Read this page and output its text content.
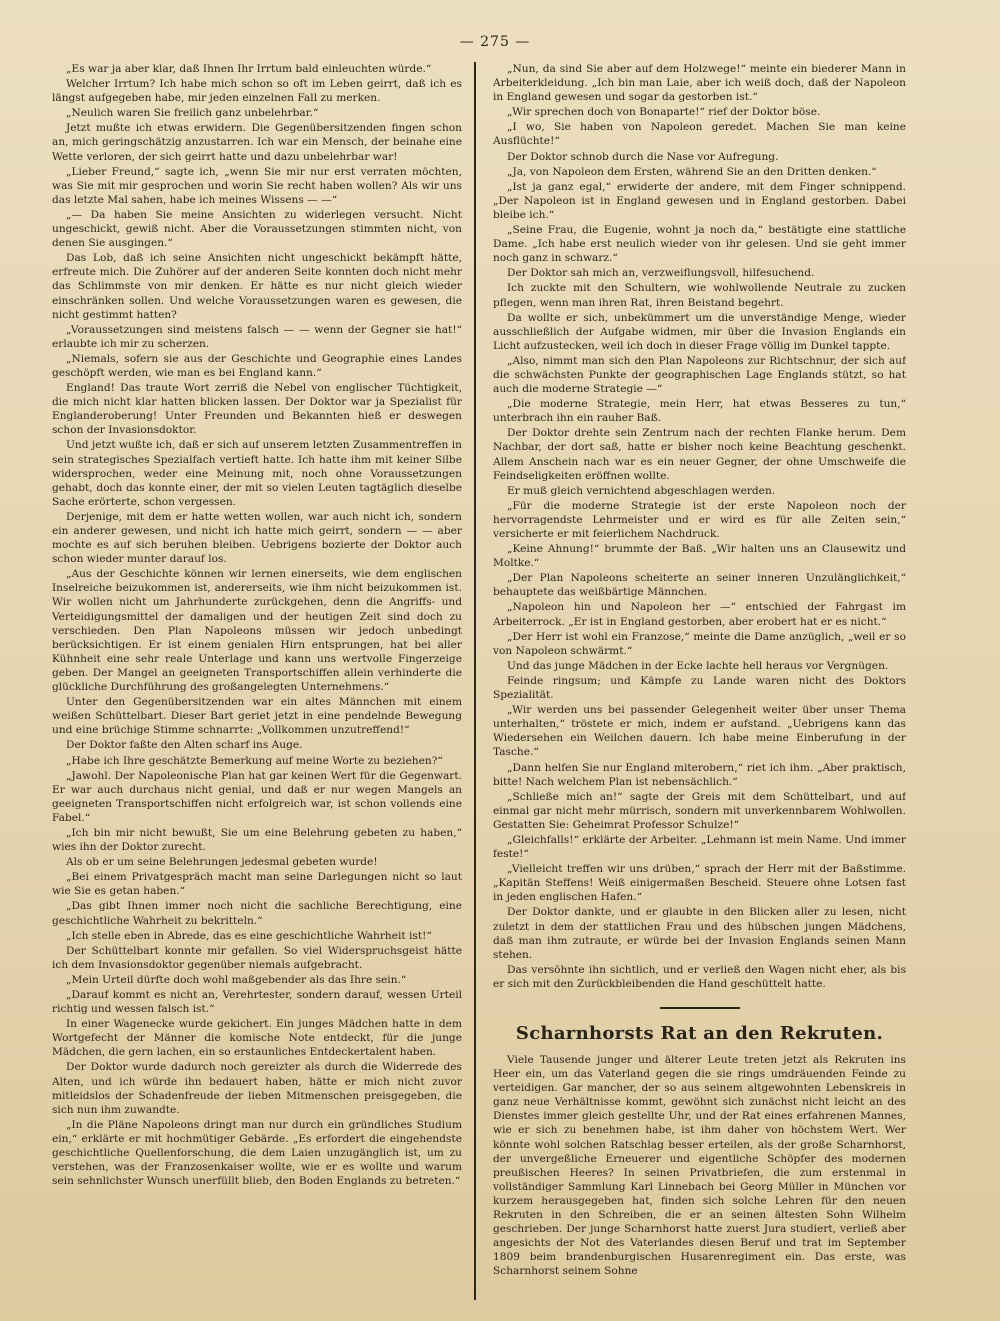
— 275 —

„Es war ja aber klar, daß Ihnen Ihr Irrtum bald einleuchten würde.“

Welcher Irrtum? Ich habe mich schon so oft im Leben geirrt, daß ich es längst aufgegeben habe, mir jeden einzelnen Fall zu merken.

„Neulich waren Sie freilich ganz unbelehrbar.“

Jetzt mußte ich etwas erwidern. Die Gegenübersitzenden fingen schon an, mich geringschätzig anzustarren. Ich war ein Mensch, der beinahe eine Wette verloren, der sich geirrt hatte und dazu unbelehrbar war!

„Lieber Freund,“ sagte ich, „wenn Sie mir nur erst verraten möchten, was Sie mit mir gesprochen und worin Sie recht haben wollen? Als wir uns das letzte Mal sahen, habe ich meines Wissens — —“

„— Da haben Sie meine Ansichten zu widerlegen versucht. Nicht ungeschickt, gewiß nicht. Aber die Voraussetzungen stimmten nicht, von denen Sie ausgingen.“

Das Lob, daß ich seine Ansichten nicht ungeschickt bekämpft hätte, erfreute mich. Die Zuhörer auf der anderen Seite konnten doch nicht mehr das Schlimmste von mir denken. Er hätte es nur nicht gleich wieder einschränken sollen. Und welche Voraussetzungen waren es gewesen, die nicht gestimmt hatten?

„Voraussetzungen sind meistens falsch — — wenn der Gegner sie hat!“ erlaubte ich mir zu scherzen.

„Niemals, sofern sie aus der Geschichte und Geographie eines Landes geschöpft werden, wie man es bei England kann.“

England! Das traute Wort zerriß die Nebel von englischer Tüchtigkeit, die mich nicht klar hatten blicken lassen. Der Doktor war ja Spezialist für Englanderoberung! Unter Freunden und Bekannten hieß er deswegen schon der Invasionsdoktor.

Und jetzt wußte ich, daß er sich auf unserem letzten Zusammentreffen in sein strategisches Spezialfach vertieft hatte. Ich hatte ihm mit keiner Silbe widersprochen, weder eine Meinung mit, noch ohne Voraussetzungen gehabt, doch das konnte einer, der mit so vielen Leuten tagtäglich dieselbe Sache erörterte, schon vergessen.

Derjenige, mit dem er hatte wetten wollen, war auch nicht ich, sondern ein anderer gewesen, und nicht ich hatte mich geirrt, sondern — — aber mochte es auf sich beruhen bleiben. Uebrigens bozierte der Doktor auch schon wieder munter darauf los.

„Aus der Geschichte können wir lernen einerseits, wie dem englischen Inselreiche beizukommen ist, andererseits, wie ihm nicht beizukommen ist. Wir wollen nicht um Jahrhunderte zurückgehen, denn die Angriffs- und Verteidigungsmittel der damaligen und der heutigen Zeit sind doch zu verschieden. Den Plan Napoleons müssen wir jedoch unbedingt berücksichtigen. Er ist einem genialen Hirn entsprungen, hat bei aller Kühnheit eine sehr reale Unterlage und kann uns wertvolle Fingerzeige geben. Der Mangel an geeigneten Transportschiffen allein verhinderte die glückliche Durchführung des großangelegten Unternehmens.“

Unter den Gegenübersitzenden war ein altes Männchen mit einem weißen Schüttelbart. Dieser Bart geriet jetzt in eine pendelnde Bewegung und eine brüchige Stimme schnarrte: „Vollkommen unzutreffend!“

Der Doktor faßte den Alten scharf ins Auge.

„Habe ich Ihre geschätzte Bemerkung auf meine Worte zu beziehen?“

„Jawohl. Der Napoleonische Plan hat gar keinen Wert für die Gegenwart. Er war auch durchaus nicht genial, und daß er nur wegen Mangels an geeigneten Transportschiffen nicht erfolgreich war, ist schon vollends eine Fabel.“

„Ich bin mir nicht bewußt, Sie um eine Belehrung gebeten zu haben,“ wies ihn der Doktor zurecht.

Als ob er um seine Belehrungen jedesmal gebeten wurde!

„Bei einem Privatgespräch macht man seine Darlegungen nicht so laut wie Sie es getan haben.“

„Das gibt Ihnen immer noch nicht die sachliche Berechtigung, eine geschichtliche Wahrheit zu bekritteln.“

„Ich stelle eben in Abrede, das es eine geschichtliche Wahrheit ist!“

Der Schüttelbart konnte mir gefallen. So viel Widerspruchsgeist hätte ich dem Invasionsdoktor gegenüber niemals aufgebracht.

„Mein Urteil dürfte doch wohl maßgebender als das Ihre sein.“

„Darauf kommt es nicht an, Verehrtester, sondern darauf, wessen Urteil richtig und wessen falsch ist.“

In einer Wagenecke wurde gekichert. Ein junges Mädchen hatte in dem Wortgefecht der Männer die komische Note entdeckt, für die junge Mädchen, die gern lachen, ein so erstaunliches Entdeckertalent haben.

Der Doktor wurde dadurch noch gereizter als durch die Widerrede des Alten, und ich würde ihn bedauert haben, hätte er mich nicht zuvor mitleidslos der Schadenfreude der lieben Mitmenschen preisgegeben, die sich nun ihm zuwandte.

„In die Pläne Napoleons dringt man nur durch ein gründliches Studium ein,“ erklärte er mit hochmütiger Gebärde. „Es erfordert die eingehendste geschichtliche Quellenforschung, die dem Laien unzugänglich ist, um zu verstehen, was der Franzosenkaiser wollte, wie er es wollte und warum sein sehnlichster Wunsch unerfüllt blieb, den Boden Englands zu betreten.“

„Nun, da sind Sie aber auf dem Holzwege!“ meinte ein biederer Mann in Arbeiterkleidung. „Ich bin man Laie, aber ich weiß doch, daß der Napoleon in England gewesen und sogar da gestorben ist.“

„Wir sprechen doch von Bonaparte!“ rief der Doktor böse.

„I wo, Sie haben von Napoleon geredet. Machen Sie man keine Ausflüchte!“

Der Doktor schnob durch die Nase vor Aufregung.

„Ja, von Napoleon dem Ersten, während Sie an den Dritten denken.“

„Ist ja ganz egal,“ erwiderte der andere, mit dem Finger schnippend. „Der Napoleon ist in England gewesen und in England gestorben. Dabei bleibe ich.“

„Seine Frau, die Eugenie, wohnt ja noch da,“ bestätigte eine stattliche Dame. „Ich habe erst neulich wieder von ihr gelesen. Und sie geht immer noch ganz in schwarz.“

Der Doktor sah mich an, verzweiflungsvoll, hilfesuchend.

Ich zuckte mit den Schultern, wie wohlwollende Neutrale zu zucken pflegen, wenn man ihren Rat, ihren Beistand begehrt.

Da wollte er sich, unbekümmert um die unverständige Menge, wieder ausschließlich der Aufgabe widmen, mir über die Invasion Englands ein Licht aufzustecken, weil ich doch in dieser Frage völlig im Dunkel tappte.

„Also, nimmt man sich den Plan Napoleons zur Richtschnur, der sich auf die schwächsten Punkte der geographischen Lage Englands stützt, so hat auch die moderne Strategie —“

„Die moderne Strategie, mein Herr, hat etwas Besseres zu tun,“ unterbrach ihn ein rauher Baß.

Der Doktor drehte sein Zentrum nach der rechten Flanke herum. Dem Nachbar, der dort saß, hatte er bisher noch keine Beachtung geschenkt. Allem Anschein nach war es ein neuer Gegner, der ohne Umschweife die Feindseligkeiten eröffnen wollte.

Er muß gleich vernichtend abgeschlagen werden.

„Für die moderne Strategie ist der erste Napoleon noch der hervorragendste Lehrmeister und er wird es für alle Zeiten sein,“ versicherte er mit feierlichem Nachdruck.

„Keine Ahnung!“ brummte der Baß. „Wir halten uns an Clausewitz und Moltke.“

„Der Plan Napoleons scheiterte an seiner inneren Unzulänglichkeit,“ behauptete das weißbärtige Männchen.

„Napoleon hin und Napoleon her —“ entschied der Fahrgast im Arbeiterrock. „Er ist in England gestorben, aber erobert hat er es nicht.“

„Der Herr ist wohl ein Franzose,“ meinte die Dame anzüglich, „weil er so von Napoleon schwärmt.“

Und das junge Mädchen in der Ecke lachte hell heraus vor Vergnügen.

Feinde ringsum; und Kämpfe zu Lande waren nicht des Doktors Spezialität.

„Wir werden uns bei passender Gelegenheit weiter über unser Thema unterhalten,“ tröstete er mich, indem er aufstand. „Uebrigens kann das Wiedersehen ein Weilchen dauern. Ich habe meine Einberufung in der Tasche.“

„Dann helfen Sie nur England miterobern,“ riet ich ihm. „Aber praktisch, bitte! Nach welchem Plan ist nebensächlich.“

„Schließe mich an!“ sagte der Greis mit dem Schüttelbart, und auf einmal gar nicht mehr mürrisch, sondern mit unverkennbarem Wohlwollen. Gestatten Sie: Geheimrat Professor Schulze!“

„Gleichfalls!“ erklärte der Arbeiter. „Lehmann ist mein Name. Und immer feste!“

„Vielleicht treffen wir uns drüben,“ sprach der Herr mit der Baßstimme. „Kapitän Steffens! Weiß einigermaßen Bescheid. Steuere ohne Lotsen fast in jeden englischen Hafen.“

Der Doktor dankte, und er glaubte in den Blicken aller zu lesen, nicht zuletzt in dem der stattlichen Frau und des hübschen jungen Mädchens, daß man ihm zutraute, er würde bei der Invasion Englands seinen Mann stehen.

Das versöhnte ihn sichtlich, und er verließ den Wagen nicht eher, als bis er sich mit den Zurückbleibenden die Hand geschüttelt hatte.

Scharnhorsts Rat an den Rekruten.

Viele Tausende junger und älterer Leute treten jetzt als Rekruten ins Heer ein, um das Vaterland gegen die sie rings umdräuenden Feinde zu verteidigen. Gar mancher, der so aus seinem altgewohnten Lebenskreis in ganz neue Verhältnisse kommt, gewöhnt sich zunächst nicht leicht an des Dienstes immer gleich gestellte Uhr, und der Rat eines erfahrenen Mannes, wie er sich zu benehmen habe, ist ihm daher von höchstem Wert. Wer könnte wohl solchen Ratschlag besser erteilen, als der große Scharnhorst, der unvergeßliche Erneuerer und eigentliche Schöpfer des modernen preußischen Heeres? In seinen Privatbriefen, die zum erstenmal in vollständiger Sammlung Karl Linnebach bei Georg Müller in München vor kurzem herausgegeben hat, finden sich solche Lehren für den neuen Rekruten in den Schreiben, die er an seinen ältesten Sohn Wilhelm geschrieben. Der junge Scharnhorst hatte zuerst Jura studiert, verließ aber angesichts der Not des Vaterlandes diesen Beruf und trat im September 1809 beim brandenburgischen Husarenregiment ein. Das erste, was Scharnhorst seinem Sohne
